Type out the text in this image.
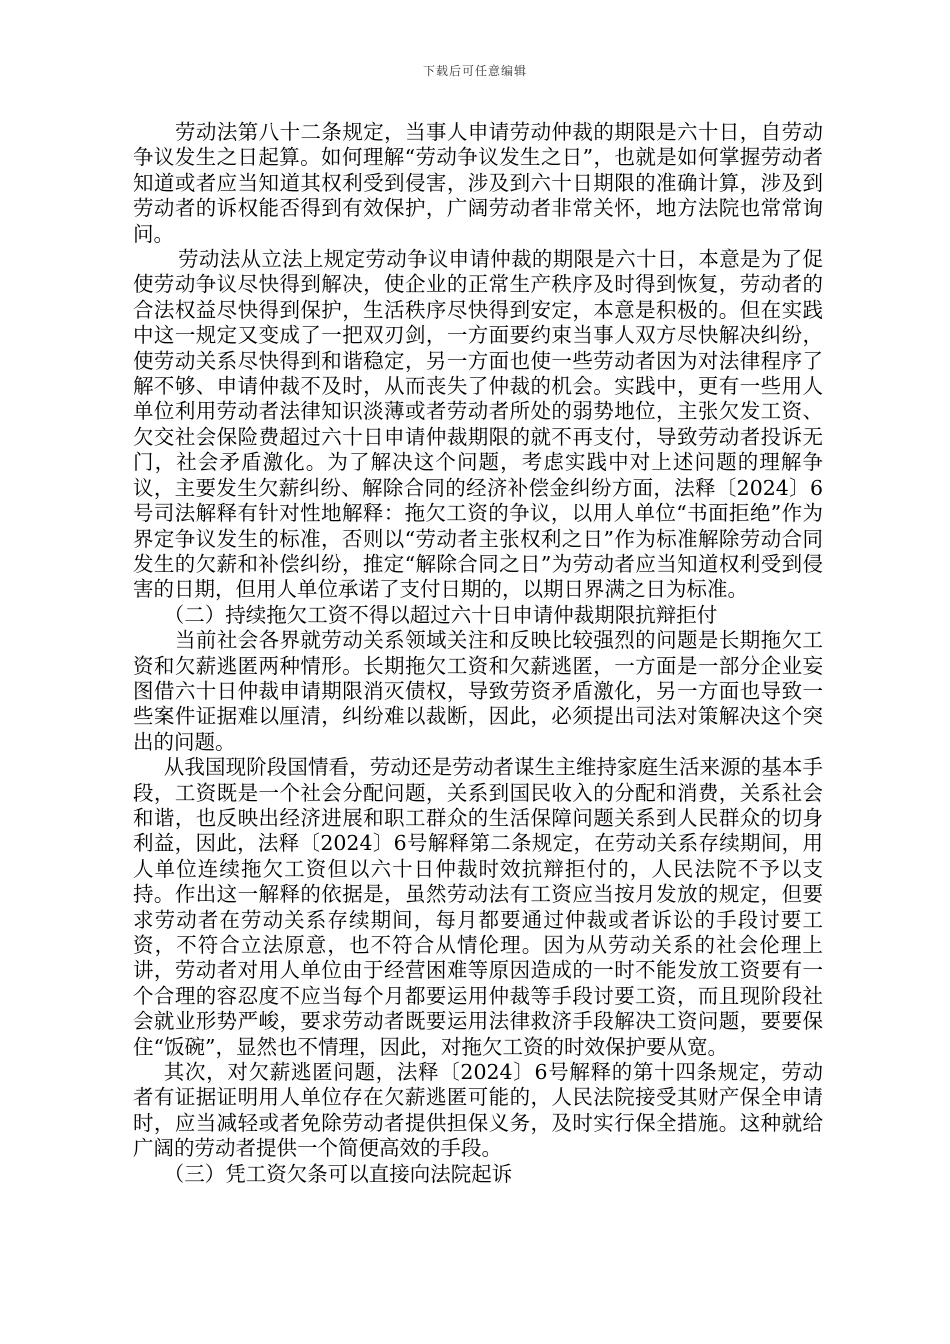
下载后可任意编辑

劳动法第八十二条规定，当事人申请劳动仲裁的期限是六十日，自劳动争议发生之日起算。如何理解“劳动争议发生之日”，也就是如何掌握劳动者知道或者应当知道其权利受到侵害，涉及到六十日期限的准确计算，涉及到劳动者的诉权能否得到有效保护，广阔劳动者非常关怀，地方法院也常常询问。

劳动法从立法上规定劳动争议申请仲裁的期限是六十日，本意是为了促使劳动争议尽快得到解决，使企业的正常生产秩序及时得到恢复，劳动者的合法权益尽快得到保护，生活秩序尽快得到安定，本意是积极的。但在实践中这一规定又变成了一把双刃剑，一方面要约束当事人双方尽快解决纠纷，使劳动关系尽快得到和谐稳定，另一方面也使一些劳动者因为对法律程序了解不够、申请仲裁不及时，从而丧失了仲裁的机会。实践中，更有一些用人单位利用劳动者法律知识淡薄或者劳动者所处的弱势地位，主张欠发工资、欠交社会保险费超过六十日申请仲裁期限的就不再支付，导致劳动者投诉无门，社会矛盾激化。为了解决这个问题，考虑实践中对上述问题的理解争议，主要发生欠薪纠纷、解除合同的经济补偿金纠纷方面，法释〔2024〕6号司法解释有针对性地解释：拖欠工资的争议，以用人单位“书面拒绝”作为界定争议发生的标准，否则以“劳动者主张权利之日”作为标准解除劳动合同发生的欠薪和补偿纠纷，推定“解除合同之日”为劳动者应当知道权利受到侵害的日期，但用人单位承诺了支付日期的，以期日界满之日为标准。

（二）持续拖欠工资不得以超过六十日申请仲裁期限抗辩拒付

当前社会各界就劳动关系领域关注和反映比较强烈的问题是长期拖欠工资和欠薪逃匿两种情形。长期拖欠工资和欠薪逃匿，一方面是一部分企业妄图借六十日仲裁申请期限消灭债权，导致劳资矛盾激化，另一方面也导致一些案件证据难以厘清，纠纷难以裁断，因此，必须提出司法对策解决这个突出的问题。

从我国现阶段国情看，劳动还是劳动者谋生主维持家庭生活来源的基本手段，工资既是一个社会分配问题，关系到国民收入的分配和消费，关系社会和谐，也反映出经济进展和职工群众的生活保障问题关系到人民群众的切身利益，因此，法释〔2024〕6号解释第二条规定，在劳动关系存续期间，用人单位连续拖欠工资但以六十日仲裁时效抗辩拒付的，人民法院不予以支持。作出这一解释的依据是，虽然劳动法有工资应当按月发放的规定，但要求劳动者在劳动关系存续期间，每月都要通过仲裁或者诉讼的手段讨要工资，不符合立法原意，也不符合从情伦理。因为从劳动关系的社会伦理上讲，劳动者对用人单位由于经营困难等原因造成的一时不能发放工资要有一个合理的容忍度不应当每个月都要运用仲裁等手段讨要工资，而且现阶段社会就业形势严峻，要求劳动者既要运用法律救济手段解决工资问题，要要保住“饭碗”，显然也不情理，因此，对拖欠工资的时效保护要从宽。

其次，对欠薪逃匿问题，法释〔2024〕6号解释的第十四条规定，劳动者有证据证明用人单位存在欠薪逃匿可能的，人民法院接受其财产保全申请时，应当减轻或者免除劳动者提供担保义务，及时实行保全措施。这种就给广阔的劳动者提供一个简便高效的手段。

（三）凭工资欠条可以直接向法院起诉
